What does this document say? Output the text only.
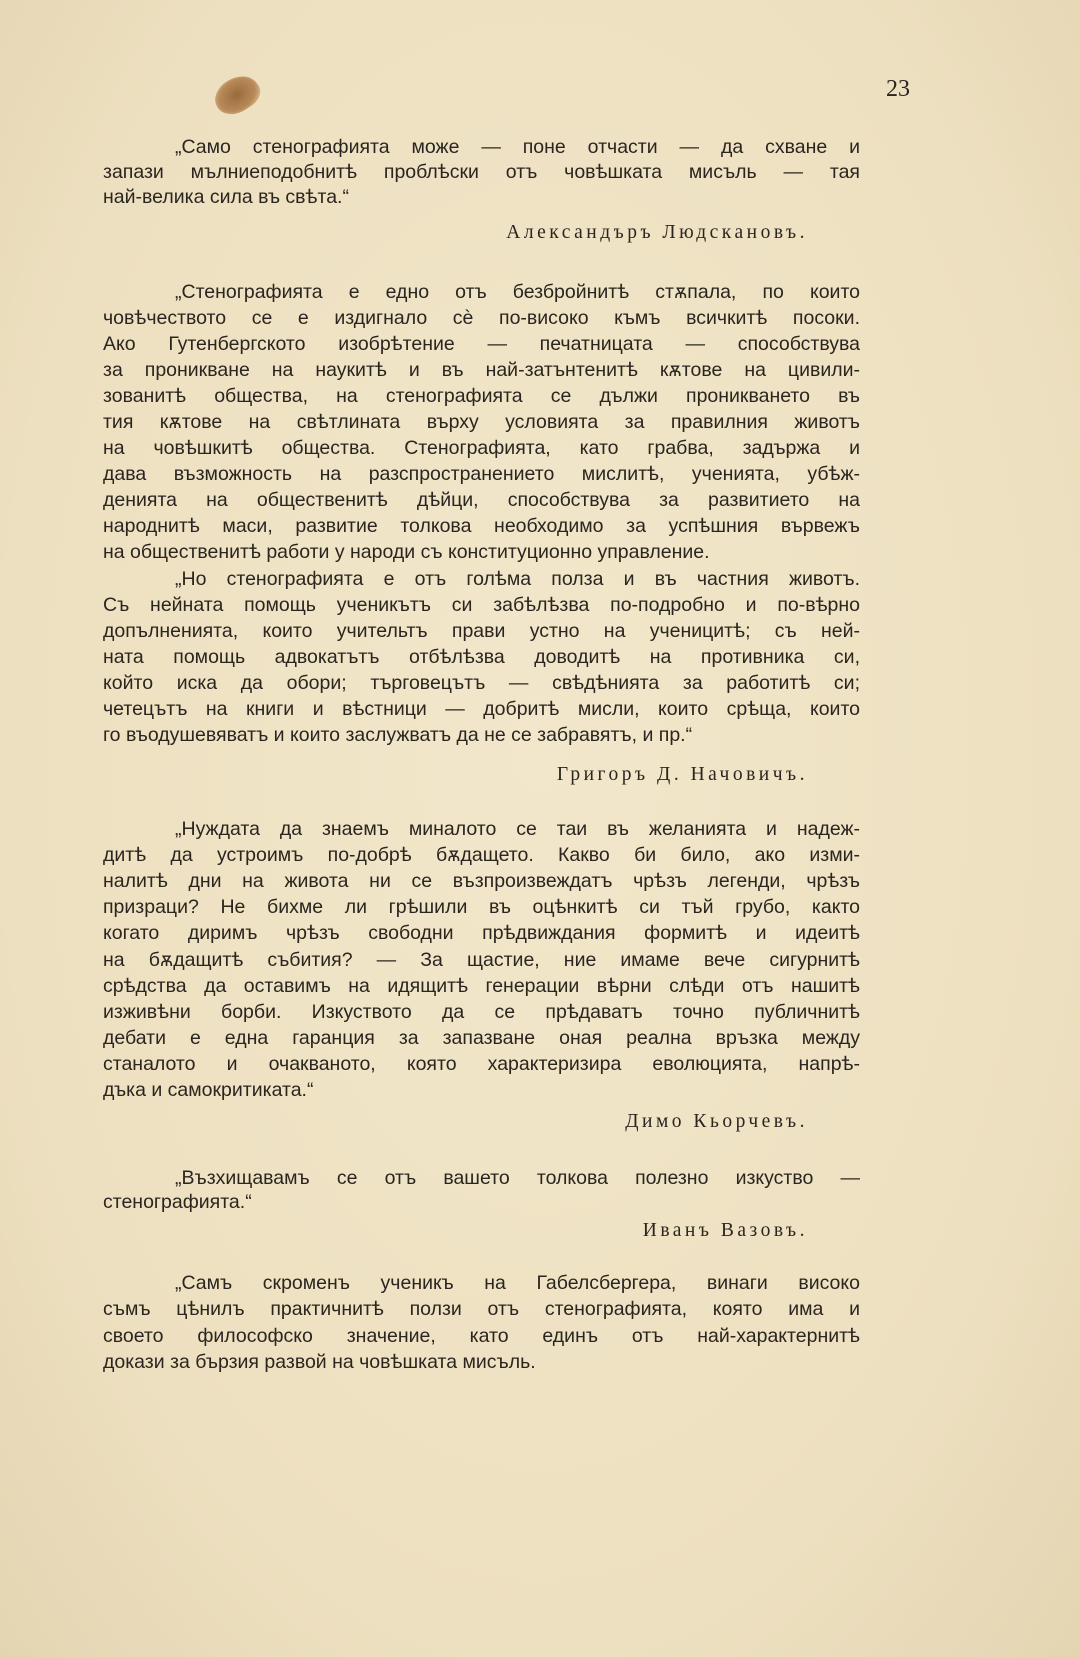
23
„Само стенографията може — поне отчасти — да схване и
запази мълниеподобнитѣ проблѣски отъ човѣшката мисъль — тая
най-велика сила въ свѣта.“
Александъръ Людскановъ.
„Стенографията е едно отъ безбройнитѣ стѫпала, по които
човѣчеството се е издигнало сѐ по-високо къмъ всичкитѣ посоки.
Ако Гутенбергското изобрѣтение — печатницата — способствува
за проникване на наукитѣ и въ най-затънтенитѣ кѫтове на цивили-
зованитѣ общества, на стенографията се дължи проникването въ
тия кѫтове на свѣтлината върху условията за правилния животъ
на човѣшкитѣ общества. Стенографията, като грабва, задържа и
дава възможность на разспространението мислитѣ, ученията, убѣж-
денията на общественитѣ дѣйци, способствува за развитието на
народнитѣ маси, развитие толкова необходимо за успѣшния вървежъ
на общественитѣ работи у народи съ конституционно управление.
„Но стенографията е отъ голѣма полза и въ частния животъ.
Съ нейната помощь ученикътъ си забѣлѣзва по-подробно и по-вѣрно
допълненията, които учительтъ прави устно на ученицитѣ; съ ней-
ната помощь адвокатътъ отбѣлѣзва доводитѣ на противника си,
който иска да обори; търговецътъ — свѣдѣнията за работитѣ си;
четецътъ на книги и вѣстници — добритѣ мисли, които срѣща, които
го въодушевяватъ и които заслужватъ да не се забравятъ, и пр.“
Григоръ Д. Начовичъ.
„Нуждата да знаемъ миналото се таи въ желанията и надеж-
дитѣ да устроимъ по-добрѣ бѫдащето. Какво би било, ако изми-
налитѣ дни на живота ни се възпроизвеждатъ чрѣзъ легенди, чрѣзъ
призраци? Не бихме ли грѣшили въ оцѣнкитѣ си тъй грубо, както
когато диримъ чрѣзъ свободни прѣдвиждания формитѣ и идеитѣ
на бѫдащитѣ събития? — За щастие, ние имаме вече сигурнитѣ
срѣдства да оставимъ на идящитѣ генерации вѣрни слѣди отъ нашитѣ
изживѣни борби. Изкуството да се прѣдаватъ точно публичнитѣ
дебати е една гаранция за запазване оная реална връзка между
станалото и очакваното, която характеризира еволюцията, напрѣ-
дъка и самокритиката.“
Димо Кьорчевъ.
„Възхищавамъ се отъ вашето толкова полезно изкуство —
стенографията.“
Иванъ Вазовъ.
„Самъ скроменъ ученикъ на Габелсбергера, винаги високо
съмъ цѣнилъ практичнитѣ ползи отъ стенографията, която има и
своето философско значение, като единъ отъ най-характернитѣ
докази за бързия развой на човѣшката мисъль.
